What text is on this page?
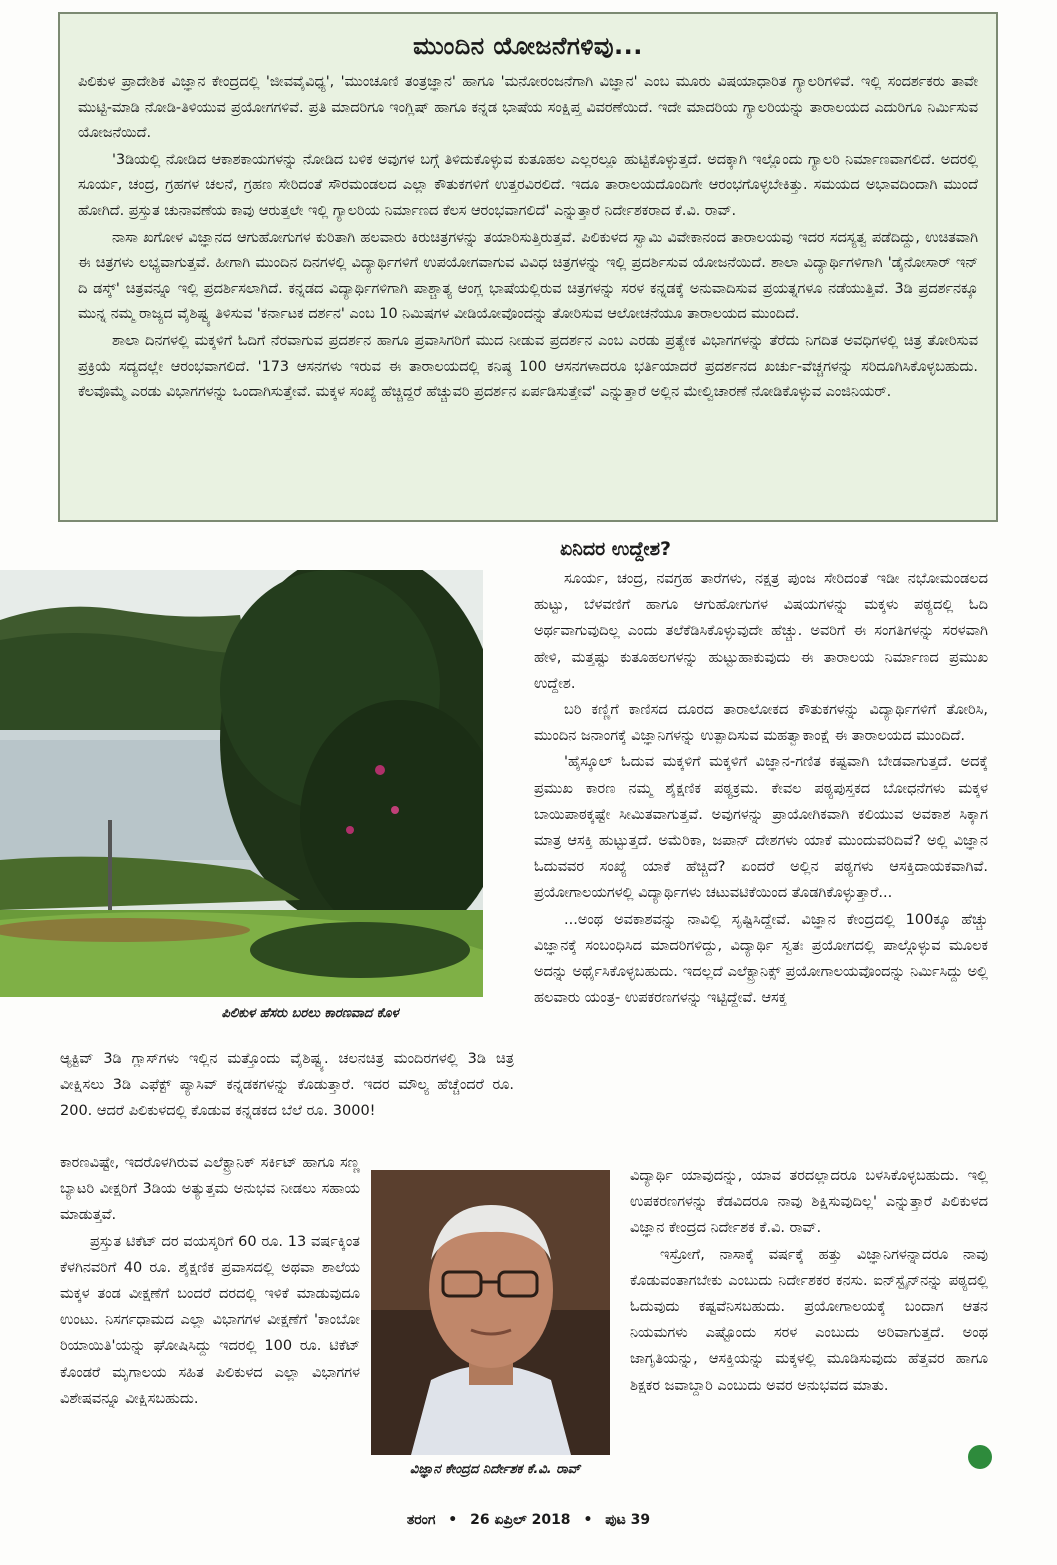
ಮುಂದಿನ ಯೋಜನೆಗಳಿವು...

ಪಿಲಿಕುಳ ಪ್ರಾದೇಶಿಕ ವಿಜ್ಞಾನ ಕೇಂದ್ರದಲ್ಲಿ 'ಜೀವವೈವಿಧ್ಯ', 'ಮುಂಚೂಣಿ ತಂತ್ರಜ್ಞಾನ' ಹಾಗೂ 'ಮನೋರಂಜನೆಗಾಗಿ ವಿಜ್ಞಾನ' ಎಂಬ ಮೂರು ವಿಷಯಾಧಾರಿತ ಗ್ಯಾಲರಿಗಳಿವೆ. ಇಲ್ಲಿ ಸಂದರ್ಶಕರು ತಾವೇ ಮುಟ್ಟಿ-ಮಾಡಿ ನೋಡಿ-ತಿಳಿಯುವ ಪ್ರಯೋಗಗಳಿವೆ. ಪ್ರತಿ ಮಾದರಿಗೂ ಇಂಗ್ಲಿಷ್ ಹಾಗೂ ಕನ್ನಡ ಭಾಷೆಯ ಸಂಕ್ಷಿಪ್ತ ವಿವರಣೆಯಿದೆ. ಇದೇ ಮಾದರಿಯ ಗ್ಯಾಲರಿಯನ್ನು ತಾರಾಲಯದ ಎದುರಿಗೂ ನಿರ್ಮಿಸುವ ಯೋಜನೆಯಿದೆ.

'3ಡಿಯಲ್ಲಿ ನೋಡಿದ ಆಕಾಶಕಾಯಗಳನ್ನು ನೋಡಿದ ಬಳಿಕ ಅವುಗಳ ಬಗ್ಗೆ ತಿಳಿದುಕೊಳ್ಳುವ ಕುತೂಹಲ ಎಲ್ಲರಲ್ಲೂ ಹುಟ್ಟಿಕೊಳ್ಳುತ್ತದೆ. ಅದಕ್ಕಾಗಿ ಇಲ್ಲೊಂದು ಗ್ಯಾಲರಿ ನಿರ್ಮಾಣವಾಗಲಿದೆ. ಅದರಲ್ಲಿ ಸೂರ್ಯ, ಚಂದ್ರ, ಗ್ರಹಗಳ ಚಲನೆ, ಗ್ರಹಣ ಸೇರಿದಂತೆ ಸೌರಮಂಡಲದ ಎಲ್ಲಾ ಕೌತುಕಗಳಿಗೆ ಉತ್ತರವಿರಲಿದೆ. ಇದೂ ತಾರಾಲಯದೊಂದಿಗೇ ಆರಂಭಗೊಳ್ಳಬೇಕಿತ್ತು. ಸಮಯದ ಅಭಾವದಿಂದಾಗಿ ಮುಂದೆ ಹೋಗಿದೆ. ಪ್ರಸ್ತುತ ಚುನಾವಣೆಯ ಕಾವು ಆರುತ್ತಲೇ ಇಲ್ಲಿ ಗ್ಯಾಲರಿಯ ನಿರ್ಮಾಣದ ಕೆಲಸ ಆರಂಭವಾಗಲಿದೆ' ಎನ್ನುತ್ತಾರೆ ನಿರ್ದೇಶಕರಾದ ಕೆ.ವಿ. ರಾವ್.

ನಾಸಾ ಖಗೋಳ ವಿಜ್ಞಾನದ ಆಗುಹೋಗುಗಳ ಕುರಿತಾಗಿ ಹಲವಾರು ಕಿರುಚಿತ್ರಗಳನ್ನು ತಯಾರಿಸುತ್ತಿರುತ್ತವೆ. ಪಿಲಿಕುಳದ ಸ್ವಾಮಿ ವಿವೇಕಾನಂದ ತಾರಾಲಯವು ಇದರ ಸದಸ್ಯತ್ವ ಪಡೆದಿದ್ದು, ಉಚಿತವಾಗಿ ಈ ಚಿತ್ರಗಳು ಲಭ್ಯವಾಗುತ್ತವೆ. ಹೀಗಾಗಿ ಮುಂದಿನ ದಿನಗಳಲ್ಲಿ ವಿದ್ಯಾರ್ಥಿಗಳಿಗೆ ಉಪಯೋಗವಾಗುವ ವಿವಿಧ ಚಿತ್ರಗಳನ್ನು ಇಲ್ಲಿ ಪ್ರದರ್ಶಿಸುವ ಯೋಜನೆಯಿದೆ. ಶಾಲಾ ವಿದ್ಯಾರ್ಥಿಗಳಿಗಾಗಿ 'ಡೈನೋಸಾರ್ ಇನ್ ದಿ ಡಸ್ಕ್' ಚಿತ್ರವನ್ನೂ ಇಲ್ಲಿ ಪ್ರದರ್ಶಿಸಲಾಗಿದೆ. ಕನ್ನಡದ ವಿದ್ಯಾರ್ಥಿಗಳಿಗಾಗಿ ಪಾಶ್ಚಾತ್ಯ ಆಂಗ್ಲ ಭಾಷೆಯಲ್ಲಿರುವ ಚಿತ್ರಗಳನ್ನು ಸರಳ ಕನ್ನಡಕ್ಕೆ ಅನುವಾದಿಸುವ ಪ್ರಯತ್ನಗಳೂ ನಡೆಯುತ್ತಿವೆ. 3ಡಿ ಪ್ರದರ್ಶನಕ್ಕೂ ಮುನ್ನ ನಮ್ಮ ರಾಜ್ಯದ ವೈಶಿಷ್ಟ್ಯ ತಿಳಿಸುವ 'ಕರ್ನಾಟಕ ದರ್ಶನ' ಎಂಬ 10 ನಿಮಿಷಗಳ ವೀಡಿಯೋವೊಂದನ್ನು ತೋರಿಸುವ ಆಲೋಚನೆಯೂ ತಾರಾಲಯದ ಮುಂದಿದೆ.

ಶಾಲಾ ದಿನಗಳಲ್ಲಿ ಮಕ್ಕಳಿಗೆ ಓದಿಗೆ ನೆರವಾಗುವ ಪ್ರದರ್ಶನ ಹಾಗೂ ಪ್ರವಾಸಿಗರಿಗೆ ಮುದ ನೀಡುವ ಪ್ರದರ್ಶನ ಎಂಬ ಎರಡು ಪ್ರತ್ಯೇಕ ವಿಭಾಗಗಳನ್ನು ತೆರೆದು ನಿಗದಿತ ಅವಧಿಗಳಲ್ಲಿ ಚಿತ್ರ ತೋರಿಸುವ ಪ್ರಕ್ರಿಯೆ ಸದ್ಯದಲ್ಲೇ ಆರಂಭವಾಗಲಿದೆ. '173 ಆಸನಗಳು ಇರುವ ಈ ತಾರಾಲಯದಲ್ಲಿ ಕನಿಷ್ಠ 100 ಆಸನಗಳಾದರೂ ಭರ್ತಿಯಾದರೆ ಪ್ರದರ್ಶನದ ಖರ್ಚು-ವೆಚ್ಚಗಳನ್ನು ಸರಿದೂಗಿಸಿಕೊಳ್ಳಬಹುದು. ಕೆಲವೊಮ್ಮೆ ಎರಡು ವಿಭಾಗಗಳನ್ನು ಒಂದಾಗಿಸುತ್ತೇವೆ. ಮಕ್ಕಳ ಸಂಖ್ಯೆ ಹೆಚ್ಚಿದ್ದರೆ ಹೆಚ್ಚುವರಿ ಪ್ರದರ್ಶನ ಏರ್ಪಡಿಸುತ್ತೇವೆ' ಎನ್ನುತ್ತಾರೆ ಅಲ್ಲಿನ ಮೇಲ್ವಿಚಾರಣೆ ನೋಡಿಕೊಳ್ಳುವ ಎಂಜಿನಿಯರ್.

ಪಿಲಿಕುಳ ಹೆಸರು ಬರಲು ಕಾರಣವಾದ ಕೊಳ
ಏನಿದರ ಉದ್ದೇಶ?

ಸೂರ್ಯ, ಚಂದ್ರ, ನವಗ್ರಹ ತಾರೆಗಳು, ನಕ್ಷತ್ರ ಪುಂಜ ಸೇರಿದಂತೆ ಇಡೀ ನಭೋಮಂಡಲದ ಹುಟ್ಟು, ಬೆಳವಣಿಗೆ ಹಾಗೂ ಆಗುಹೋಗುಗಳ ವಿಷಯಗಳನ್ನು ಮಕ್ಕಳು ಪಠ್ಯದಲ್ಲಿ ಓದಿ ಅರ್ಥವಾಗುವುದಿಲ್ಲ ಎಂದು ತಲೆಕೆಡಿಸಿಕೊಳ್ಳುವುದೇ ಹೆಚ್ಚು. ಅವರಿಗೆ ಈ ಸಂಗತಿಗಳನ್ನು ಸರಳವಾಗಿ ಹೇಳಿ, ಮತ್ತಷ್ಟು ಕುತೂಹಲಗಳನ್ನು ಹುಟ್ಟುಹಾಕುವುದು ಈ ತಾರಾಲಯ ನಿರ್ಮಾಣದ ಪ್ರಮುಖ ಉದ್ದೇಶ.

ಬರಿ ಕಣ್ಣಿಗೆ ಕಾಣಿಸದ ದೂರದ ತಾರಾಲೋಕದ ಕೌತುಕಗಳನ್ನು ವಿದ್ಯಾರ್ಥಿಗಳಿಗೆ ತೋರಿಸಿ, ಮುಂದಿನ ಜನಾಂಗಕ್ಕೆ ವಿಜ್ಞಾನಿಗಳನ್ನು ಉತ್ಪಾದಿಸುವ ಮಹತ್ವಾಕಾಂಕ್ಷೆ ಈ ತಾರಾಲಯದ ಮುಂದಿದೆ.

'ಹೈಸ್ಕೂಲ್ ಓದುವ ಮಕ್ಕಳಿಗೆ ಮಕ್ಕಳಿಗೆ ವಿಜ್ಞಾನ-ಗಣಿತ ಕಷ್ಟವಾಗಿ ಬೇಡವಾಗುತ್ತದೆ. ಅದಕ್ಕೆ ಪ್ರಮುಖ ಕಾರಣ ನಮ್ಮ ಶೈಕ್ಷಣಿಕ ಪಠ್ಯಕ್ರಮ. ಕೇವಲ ಪಠ್ಯಪುಸ್ತಕದ ಬೋಧನೆಗಳು ಮಕ್ಕಳ ಬಾಯಿಪಾಠಕ್ಕಷ್ಟೇ ಸೀಮಿತವಾಗುತ್ತವೆ. ಅವುಗಳನ್ನು ಪ್ರಾಯೋಗಿಕವಾಗಿ ಕಲಿಯುವ ಅವಕಾಶ ಸಿಕ್ಕಾಗ ಮಾತ್ರ ಆಸಕ್ತಿ ಹುಟ್ಟುತ್ತದೆ. ಅಮೆರಿಕಾ, ಜಪಾನ್ ದೇಶಗಳು ಯಾಕೆ ಮುಂದುವರಿದಿವೆ? ಅಲ್ಲಿ ವಿಜ್ಞಾನ ಓದುವವರ ಸಂಖ್ಯೆ ಯಾಕೆ ಹೆಚ್ಚಿದೆ? ಏಂದರೆ ಅಲ್ಲಿನ ಪಠ್ಯಗಳು ಆಸಕ್ತಿದಾಯಕವಾಗಿವೆ. ಪ್ರಯೋಗಾಲಯಗಳಲ್ಲಿ ವಿದ್ಯಾರ್ಥಿಗಳು ಚಟುವಟಿಕೆಯಿಂದ ತೊಡಗಿಕೊಳ್ಳುತ್ತಾರೆ...

...ಅಂಥ ಅವಕಾಶವನ್ನು ನಾವಿಲ್ಲಿ ಸೃಷ್ಟಿಸಿದ್ದೇವೆ. ವಿಜ್ಞಾನ ಕೇಂದ್ರದಲ್ಲಿ 100ಕ್ಕೂ ಹೆಚ್ಚು ವಿಜ್ಞಾನಕ್ಕೆ ಸಂಬಂಧಿಸಿದ ಮಾದರಿಗಳಿದ್ದು, ವಿದ್ಯಾರ್ಥಿ ಸ್ವತಃ ಪ್ರಯೋಗದಲ್ಲಿ ಪಾಲ್ಗೊಳ್ಳುವ ಮೂಲಕ ಅದನ್ನು ಅರ್ಥೈಸಿಕೊಳ್ಳಬಹುದು. ಇದಲ್ಲದೆ ಎಲೆಕ್ಟ್ರಾನಿಕ್ಸ್ ಪ್ರಯೋಗಾಲಯವೊಂದನ್ನು ನಿರ್ಮಿಸಿದ್ದು ಅಲ್ಲಿ ಹಲವಾರು ಯಂತ್ರ- ಉಪಕರಣಗಳನ್ನು ಇಟ್ಟಿದ್ದೇವೆ. ಆಸಕ್ತ

ವಿದ್ಯಾರ್ಥಿ ಯಾವುದನ್ನು, ಯಾವ ತರದಲ್ಲಾದರೂ ಬಳಸಿಕೊಳ್ಳಬಹುದು. ಇಲ್ಲಿ ಉಪಕರಣಗಳನ್ನು ಕೆಡವಿದರೂ ನಾವು ಶಿಕ್ಷಿಸುವುದಿಲ್ಲ' ಎನ್ನುತ್ತಾರೆ ಪಿಲಿಕುಳದ ವಿಜ್ಞಾನ ಕೇಂದ್ರದ ನಿರ್ದೇಶಕ ಕೆ.ವಿ. ರಾವ್.

ಇಸ್ರೋಗೆ, ನಾಸಾಕ್ಕೆ ವರ್ಷಕ್ಕೆ ಹತ್ತು ವಿಜ್ಞಾನಿಗಳನ್ನಾದರೂ ನಾವು ಕೊಡುವಂತಾಗಬೇಕು ಎಂಬುದು ನಿರ್ದೇಶಕರ ಕನಸು. ಐನ್‌ಸ್ಟೈನ್‌ನನ್ನು ಪಠ್ಯದಲ್ಲಿ ಓದುವುದು ಕಷ್ಟವೆನಿಸಬಹುದು. ಪ್ರಯೋಗಾಲಯಕ್ಕೆ ಬಂದಾಗ ಆತನ ನಿಯಮಗಳು ಎಷ್ಟೊಂದು ಸರಳ ಎಂಬುದು ಅರಿವಾಗುತ್ತದೆ. ಅಂಥ ಜಾಗೃತಿಯನ್ನು, ಆಸಕ್ತಿಯನ್ನು ಮಕ್ಕಳಲ್ಲಿ ಮೂಡಿಸುವುದು ಹೆತ್ತವರ ಹಾಗೂ ಶಿಕ್ಷಕರ ಜವಾಬ್ದಾರಿ ಎಂಬುದು ಅವರ ಅನುಭವದ ಮಾತು.

ಆ್ಯಕ್ಟಿವ್ 3ಡಿ ಗ್ಲಾಸ್‌ಗಳು ಇಲ್ಲಿನ ಮತ್ತೊಂದು ವೈಶಿಷ್ಟ್ಯ. ಚಲನಚಿತ್ರ ಮಂದಿರಗಳಲ್ಲಿ 3ಡಿ ಚಿತ್ರ ವೀಕ್ಷಿಸಲು 3ಡಿ ಎಫೆಕ್ಟ್ ಪ್ಯಾಸಿವ್ ಕನ್ನಡಕಗಳನ್ನು ಕೊಡುತ್ತಾರೆ. ಇದರ ಮೌಲ್ಯ ಹೆಚ್ಚೆಂದರೆ ರೂ. 200. ಆದರೆ ಪಿಲಿಕುಳದಲ್ಲಿ ಕೊಡುವ ಕನ್ನಡಕದ ಬೆಲೆ ರೂ. 3000!

ಕಾರಣವಿಷ್ಟೇ, ಇದರೊಳಗಿರುವ ಎಲೆಕ್ಟ್ರಾನಿಕ್ ಸರ್ಕಿಟ್ ಹಾಗೂ ಸಣ್ಣ ಬ್ಯಾಟರಿ ವೀಕ್ಷರಿಗೆ 3ಡಿಯ ಅತ್ಯುತ್ತಮ ಅನುಭವ ನೀಡಲು ಸಹಾಯ ಮಾಡುತ್ತವೆ.

ಪ್ರಸ್ತುತ ಟಿಕೆಟ್ ದರ ವಯಸ್ಕರಿಗೆ 60 ರೂ. 13 ವರ್ಷಕ್ಕಿಂತ ಕೆಳಗಿನವರಿಗೆ 40 ರೂ. ಶೈಕ್ಷಣಿಕ ಪ್ರವಾಸದಲ್ಲಿ ಅಥವಾ ಶಾಲೆಯ ಮಕ್ಕಳ ತಂಡ ವೀಕ್ಷಣೆಗೆ ಬಂದರೆ ದರದಲ್ಲಿ ಇಳಿಕೆ ಮಾಡುವುದೂ ಉಂಟು. ನಿಸರ್ಗಧಾಮದ ಎಲ್ಲಾ ವಿಭಾಗಗಳ ವೀಕ್ಷಣೆಗೆ 'ಕಾಂಬೋ ರಿಯಾಯಿತಿ'ಯನ್ನು ಘೋಷಿಸಿದ್ದು ಇದರಲ್ಲಿ 100 ರೂ. ಟಿಕೆಟ್ ಕೊಂಡರೆ ಮೃಗಾಲಯ ಸಹಿತ ಪಿಲಿಕುಳದ ಎಲ್ಲಾ ವಿಭಾಗಗಳ ವಿಶೇಷವನ್ನೂ ವೀಕ್ಷಿಸಬಹುದು.

ವಿಜ್ಞಾನ ಕೇಂದ್ರದ ನಿರ್ದೇಶಕ ಕೆ.ವಿ. ರಾವ್
ತರಂಗ • 26 ಏಪ್ರಿಲ್ 2018 • ಪುಟ 39
